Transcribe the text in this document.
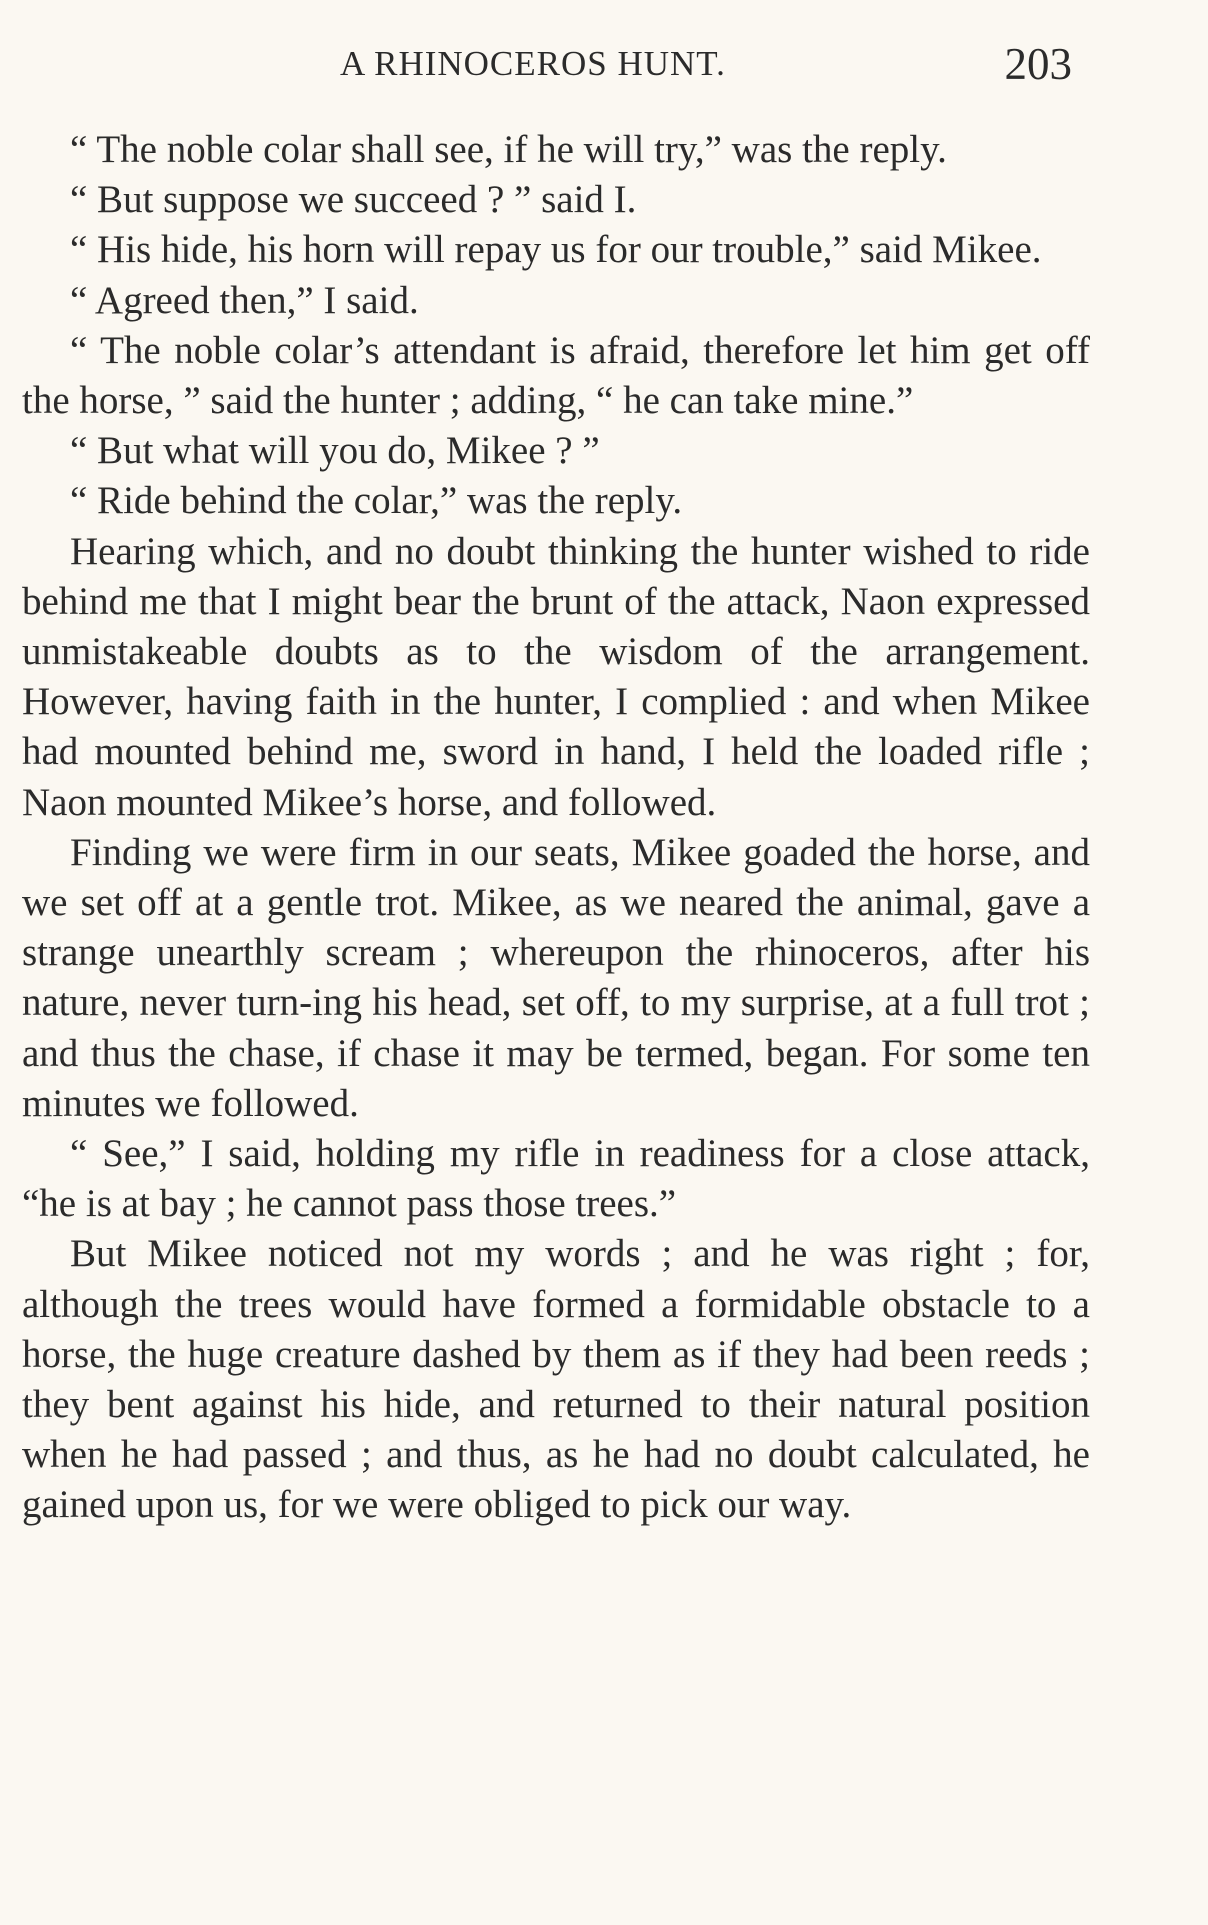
A RHINOCEROS HUNT.	203

“ The noble colar shall see, if he will try,” was the reply.

“ But suppose we succeed ? ” said I.

“ His hide, his horn will repay us for our trouble,” said Mikee.

“ Agreed then,” I said.

“ The noble colar’s attendant is afraid, therefore let him get off the horse, ” said the hunter ; adding, “ he can take mine.”

“ But what will you do, Mikee ? ”

“ Ride behind the colar,” was the reply.

Hearing which, and no doubt thinking the hunter wished to ride behind me that I might bear the brunt of the attack, Naon expressed unmistakeable doubts as to the wisdom of the arrangement. However, having faith in the hunter, I complied : and when Mikee had mounted behind me, sword in hand, I held the loaded rifle ; Naon mounted Mikee’s horse, and followed.

Finding we were firm in our seats, Mikee goaded the horse, and we set off at a gentle trot. Mikee, as we neared the animal, gave a strange unearthly scream ; whereupon the rhinoceros, after his nature, never turn-ing his head, set off, to my surprise, at a full trot ; and thus the chase, if chase it may be termed, began. For some ten minutes we followed.

“ See,” I said, holding my rifle in readiness for a close attack, “he is at bay ; he cannot pass those trees.”

But Mikee noticed not my words ; and he was right ; for, although the trees would have formed a formidable obstacle to a horse, the huge creature dashed by them as if they had been reeds ; they bent against his hide, and returned to their natural position when he had passed ; and thus, as he had no doubt calculated, he gained upon us, for we were obliged to pick our way.
